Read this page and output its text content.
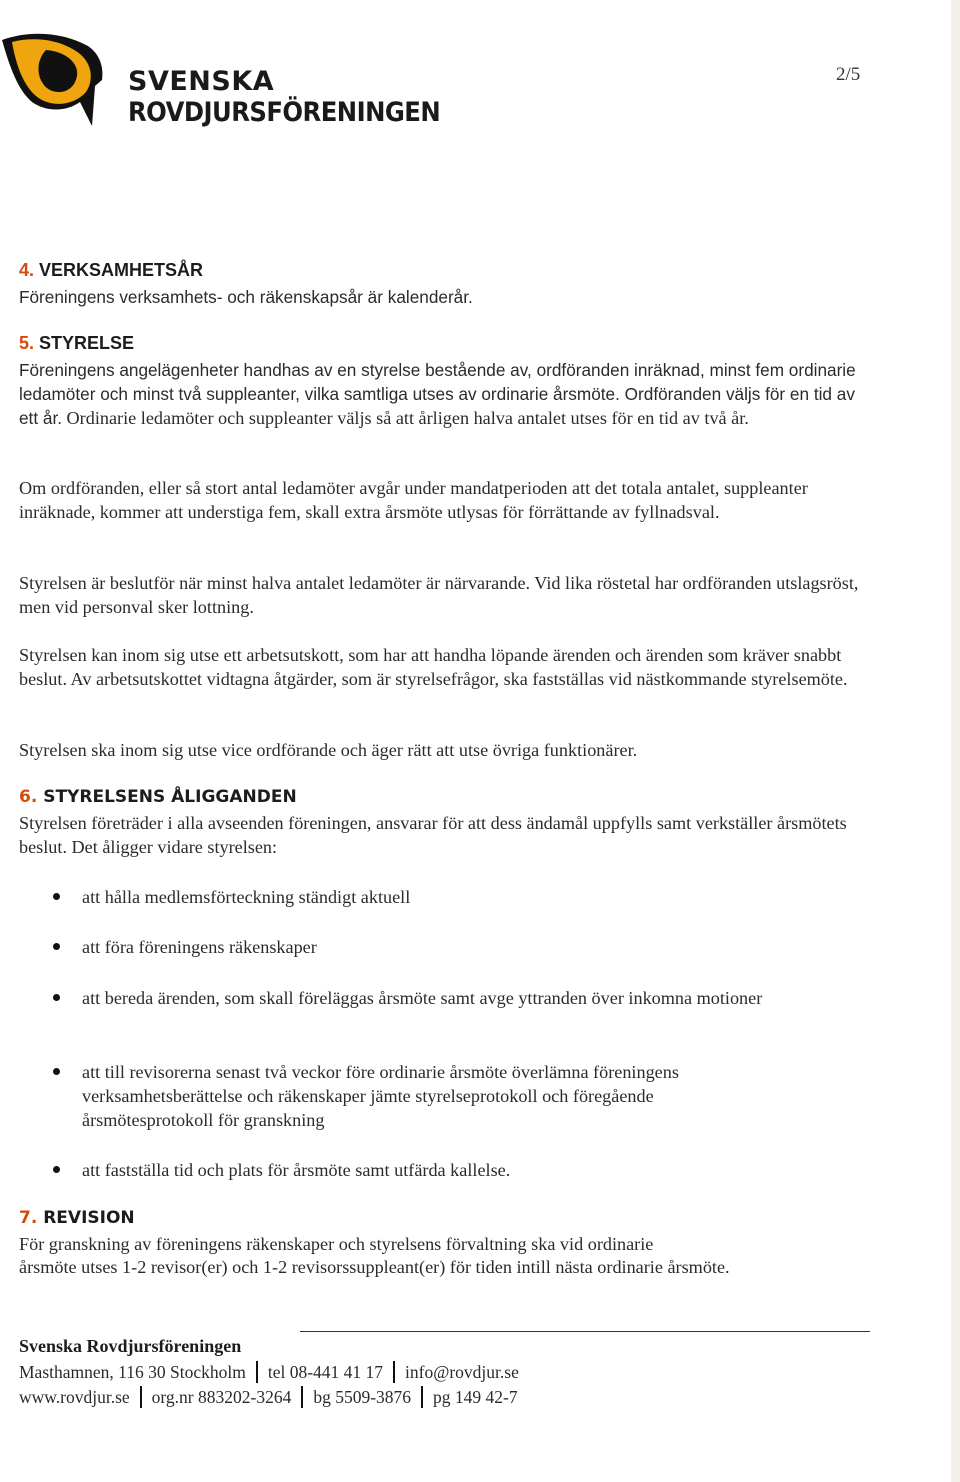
SVENSKA
ROVDJURSFÖRENINGEN
2/5
4. VERKSAMHETSÅR
Föreningens verksamhets- och räkenskapsår är kalenderår.
5. STYRELSE
Föreningens angelägenheter handhas av en styrelse bestående av, ordföranden inräknad, minst fem ordinarie ledamöter och minst två suppleanter, vilka samtliga utses av ordinarie årsmöte. Ordföranden väljs för en tid av ett år. Ordinarie ledamöter och suppleanter väljs så att årligen halva antalet utses för en tid av två år.
Om ordföranden, eller så stort antal ledamöter avgår under mandatperioden att det totala antalet, suppleanter inräknade, kommer att understiga fem, skall extra årsmöte utlysas för förrättande av fyllnadsval.
Styrelsen är beslutför när minst halva antalet ledamöter är närvarande. Vid lika röstetal har ordföranden utslagsröst, men vid personval sker lottning.
Styrelsen kan inom sig utse ett arbetsutskott, som har att handha löpande ärenden och ärenden som kräver snabbt beslut. Av arbetsutskottet vidtagna åtgärder, som är styrelsefrågor, ska fastställas vid nästkommande styrelsemöte.
Styrelsen ska inom sig utse vice ordförande och äger rätt att utse övriga funktionärer.
6. STYRELSENS ÅLIGGANDEN
Styrelsen företräder i alla avseenden föreningen, ansvarar för att dess ändamål uppfylls samt verkställer årsmötets beslut. Det åligger vidare styrelsen:
att hålla medlemsförteckning ständigt aktuell
att föra föreningens räkenskaper
att bereda ärenden, som skall föreläggas årsmöte samt avge yttranden över inkomna motioner
att till revisorerna senast två veckor före ordinarie årsmöte överlämna föreningens verksamhetsberättelse och räkenskaper jämte styrelseprotokoll och föregående årsmötesprotokoll för granskning
att fastställa tid och plats för årsmöte samt utfärda kallelse.
7. REVISION
För granskning av föreningens räkenskaper och styrelsens förvaltning ska vid ordinarie
årsmöte utses 1-2 revisor(er) och 1-2 revisorssuppleant(er) för tiden intill nästa ordinarie årsmöte.
Svenska Rovdjursföreningen
Masthamnen, 116 30 Stockholm tel 08-441 41 17 info@rovdjur.se
www.rovdjur.se org.nr 883202-3264 bg 5509-3876 pg 149 42-7
